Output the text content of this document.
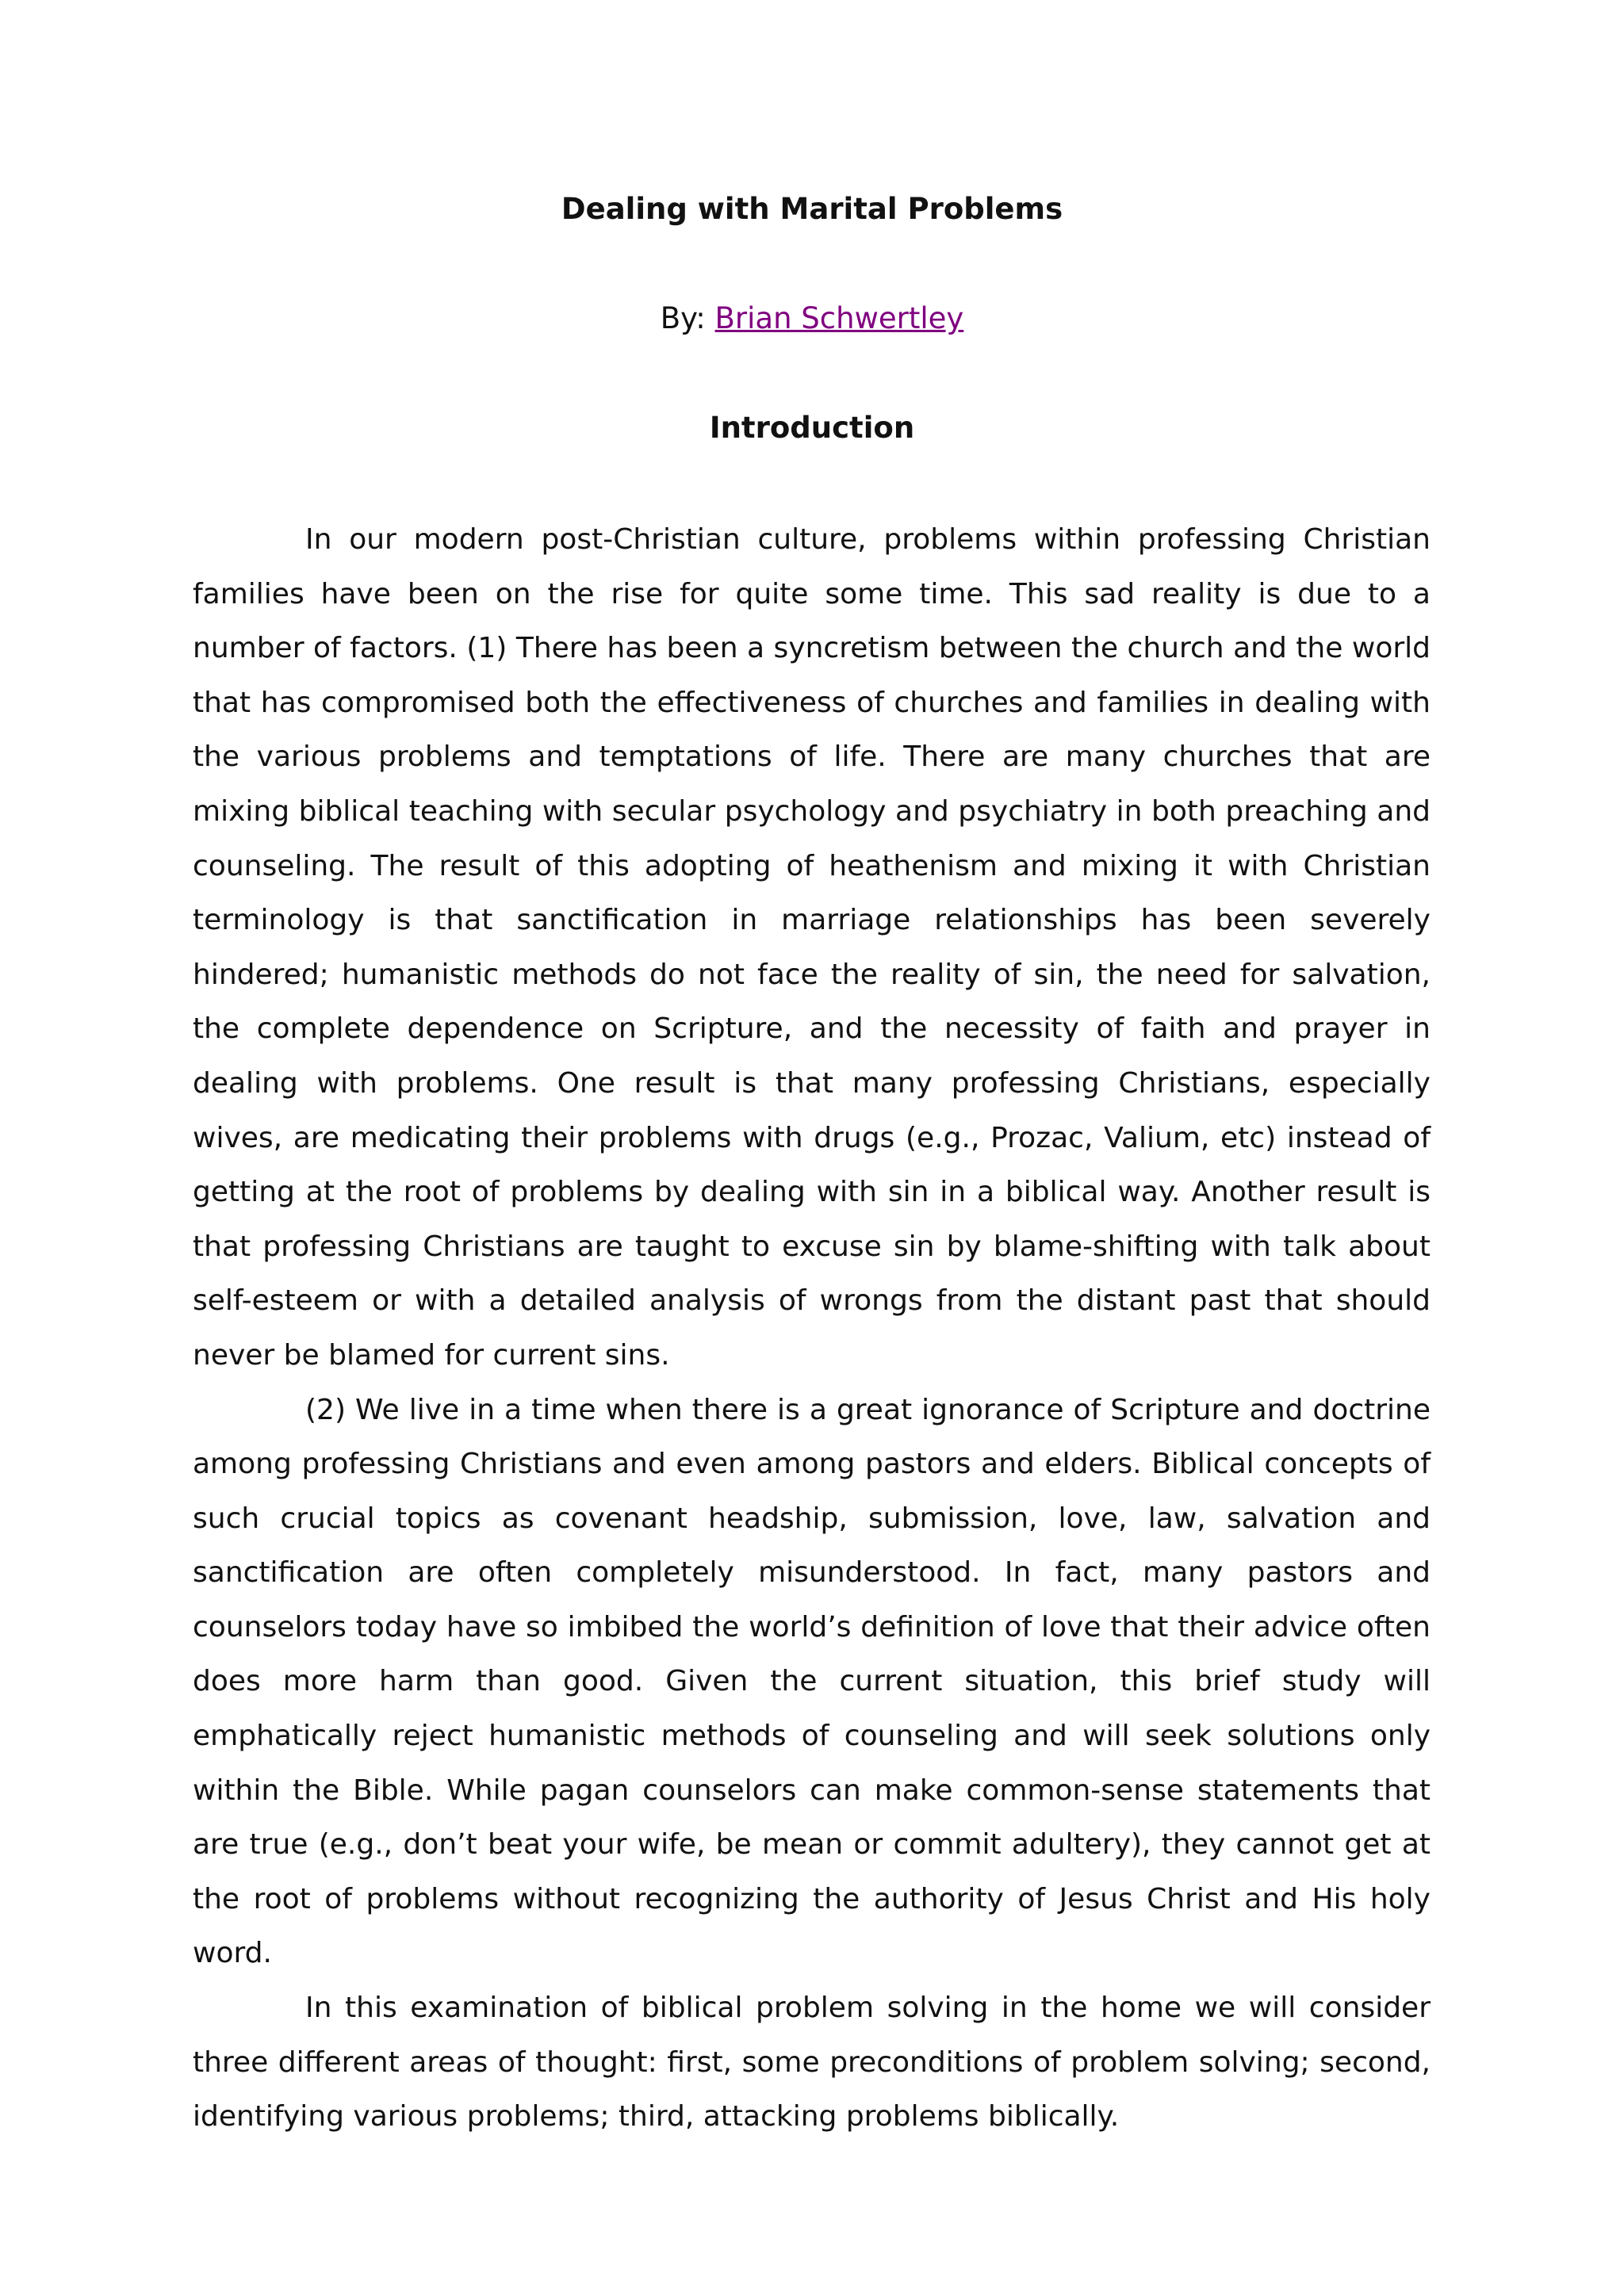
Dealing with Marital Problems
By: Brian Schwertley
Introduction

In our modern post-Christian culture, problems within professing Christian families have been on the rise for quite some time. This sad reality is due to a number of factors. (1) There has been a syncretism between the church and the world that has compromised both the effectiveness of churches and families in dealing with the various problems and temptations of life. There are many churches that are mixing biblical teaching with secular psychology and psychiatry in both preaching and counseling. The result of this adopting of heathenism and mixing it with Christian terminology is that sanctification in marriage relationships has been severely hindered; humanistic methods do not face the reality of sin, the need for salvation, the complete dependence on Scripture, and the necessity of faith and prayer in dealing with problems. One result is that many professing Christians, especially wives, are medicating their problems with drugs (e.g., Prozac, Valium, etc) instead of getting at the root of problems by dealing with sin in a biblical way. Another result is that professing Christians are taught to excuse sin by blame-shifting with talk about self-esteem or with a detailed analysis of wrongs from the distant past that should never be blamed for current sins.

(2) We live in a time when there is a great ignorance of Scripture and doctrine among professing Christians and even among pastors and elders. Biblical concepts of such crucial topics as covenant headship, submission, love, law, salvation and sanctification are often completely misunderstood. In fact, many pastors and counselors today have so imbibed the world’s definition of love that their advice often does more harm than good. Given the current situation, this brief study will emphatically reject humanistic methods of counseling and will seek solutions only within the Bible. While pagan counselors can make common-sense statements that are true (e.g., don’t beat your wife, be mean or commit adultery), they cannot get at the root of problems without recognizing the authority of Jesus Christ and His holy word.

In this examination of biblical problem solving in the home we will consider three different areas of thought: first, some preconditions of problem solving; second, identifying various problems; third, attacking problems biblically.
